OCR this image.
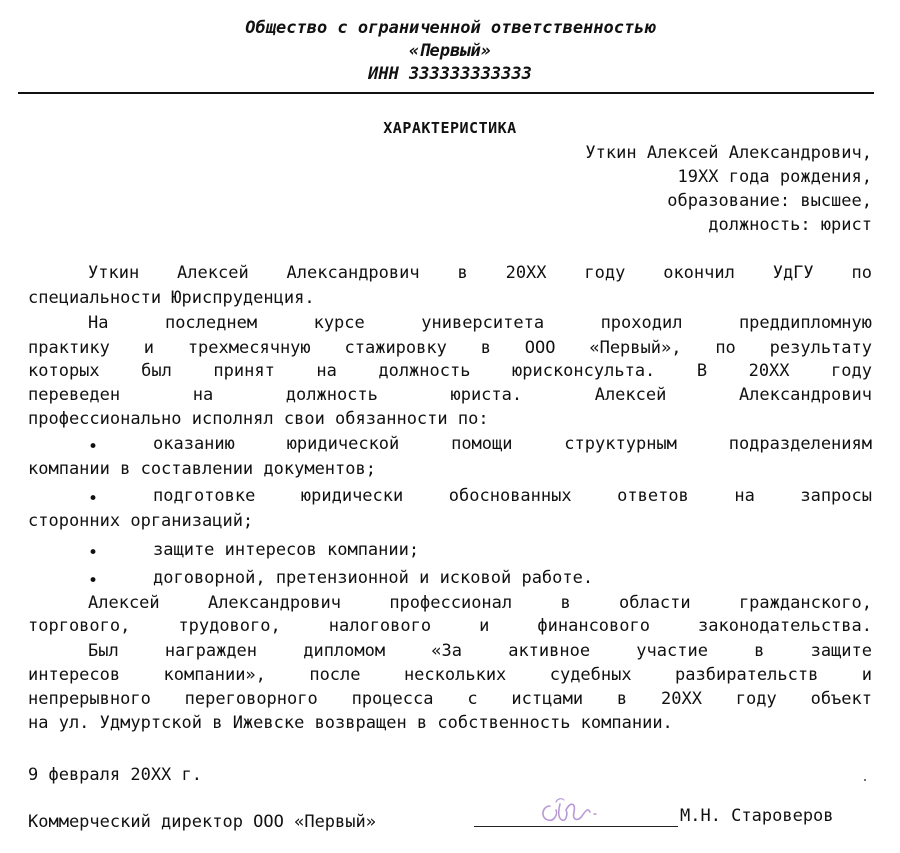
Общество с ограниченной ответственностью
«Первый»
ИНН 333333333333
ХАРАКТЕРИСТИКА
Уткин Алексей Александрович,
19ХХ года рождения,
образование: высшее,
должность: юрист
Уткин Алексей Александрович в 20ХХ году окончил УдГУ по
специальности Юриспруденция.
На последнем курсе университета проходил преддипломную
практику и трехмесячную стажировку в ООО «Первый», по результату
которых был принят на должность юрисконсульта. В 20ХХ году
переведен на должность юриста. Алексей Александрович
профессионально исполнял свои обязанности по:
•	оказанию юридической помощи структурным подразделениям
компании в составлении документов;
•	подготовке юридически обоснованных ответов на запросы
сторонних организаций;
•	защите интересов компании;
•	договорной, претензионной и исковой работе.
Алексей Александрович профессионал в области гражданского,
торгового, трудового, налогового и финансового законодательства.
Был награжден дипломом «За активное участие в защите
интересов компании», после нескольких судебных разбирательств и
непрерывного переговорного процесса с истцами в 20ХХ году объект
на ул. Удмуртской в Ижевске возвращен в собственность компании.
9 февраля 20ХХ г.
Коммерческий директор ООО «Первый»	М.Н. Староверов
